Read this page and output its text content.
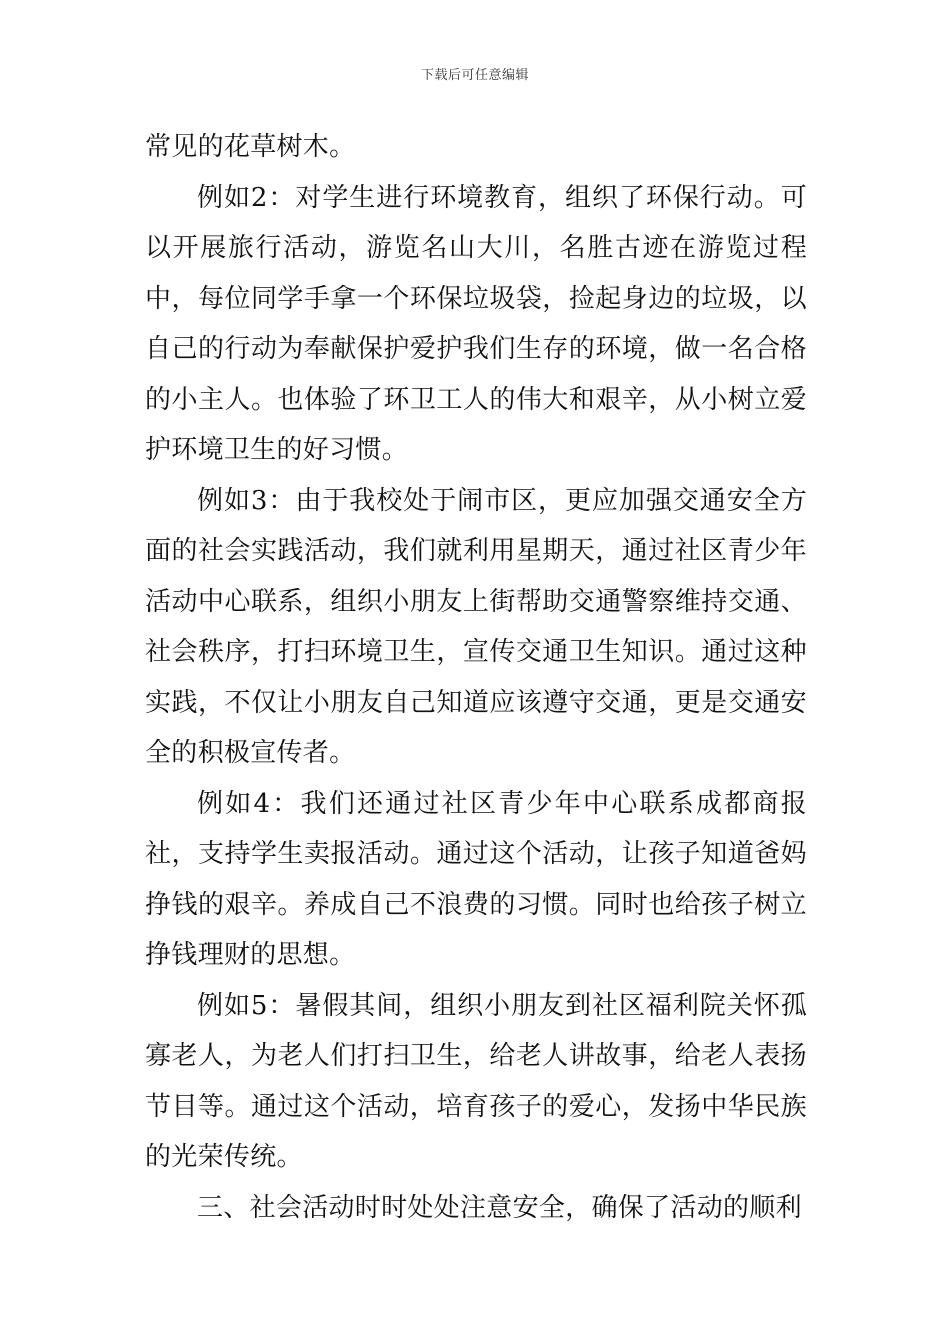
下载后可任意编辑

常见的花草树木。

例如2：对学生进行环境教育，组织了环保行动。可以开展旅行活动，游览名山大川，名胜古迹在游览过程中，每位同学手拿一个环保垃圾袋，捡起身边的垃圾，以自己的行动为奉献保护爱护我们生存的环境，做一名合格的小主人。也体验了环卫工人的伟大和艰辛，从小树立爱护环境卫生的好习惯。

例如3：由于我校处于闹市区，更应加强交通安全方面的社会实践活动，我们就利用星期天，通过社区青少年活动中心联系，组织小朋友上街帮助交通警察维持交通、社会秩序，打扫环境卫生，宣传交通卫生知识。通过这种实践，不仅让小朋友自己知道应该遵守交通，更是交通安全的积极宣传者。

例如4：我们还通过社区青少年中心联系成都商报社，支持学生卖报活动。通过这个活动，让孩子知道爸妈挣钱的艰辛。养成自己不浪费的习惯。同时也给孩子树立挣钱理财的思想。

例如5：暑假其间，组织小朋友到社区福利院关怀孤寡老人，为老人们打扫卫生，给老人讲故事，给老人表扬节目等。通过这个活动，培育孩子的爱心，发扬中华民族的光荣传统。

三、社会活动时时处处注意安全，确保了活动的顺利
